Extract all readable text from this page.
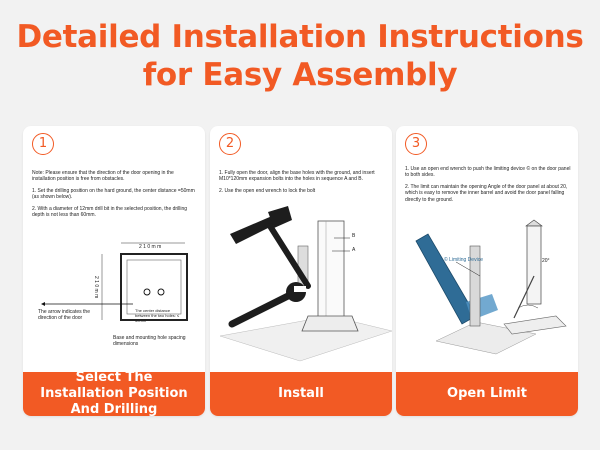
Detailed Installation Instructions
for Easy Assembly
1

Note: Please ensure that the direction of the door opening in the installation position is free from obstacles.

1. Set the drilling position on the hard ground, the center distance =50mm (as shown below).

2. With a diameter of 12mm drill bit in the selected position, the drilling depth is not less than 60mm.

2 1 0 m m
2 1 0 m m
The center distance between the two holes: ≤ 50mm
The arrow indicates the direction of the door
Base and mounting hole spacing dimensions
Select The Installation Position And Drilling
2

1. Fully open the door, align the base holes with the ground, and insert M10*120mm expansion bolts into the holes in sequence A and B.

2. Use the open end wrench to lock the bolt

B
A
Install
3

1. Use an open end wrench to push the limiting device © on the door panel to both sides.

2. The limit can maintain the opening Angle of the door panel at about 20, which is easy to remove the inner barrel and avoid the door panel falling directly to the ground.

© Limiting Device	20°
Open Limit
